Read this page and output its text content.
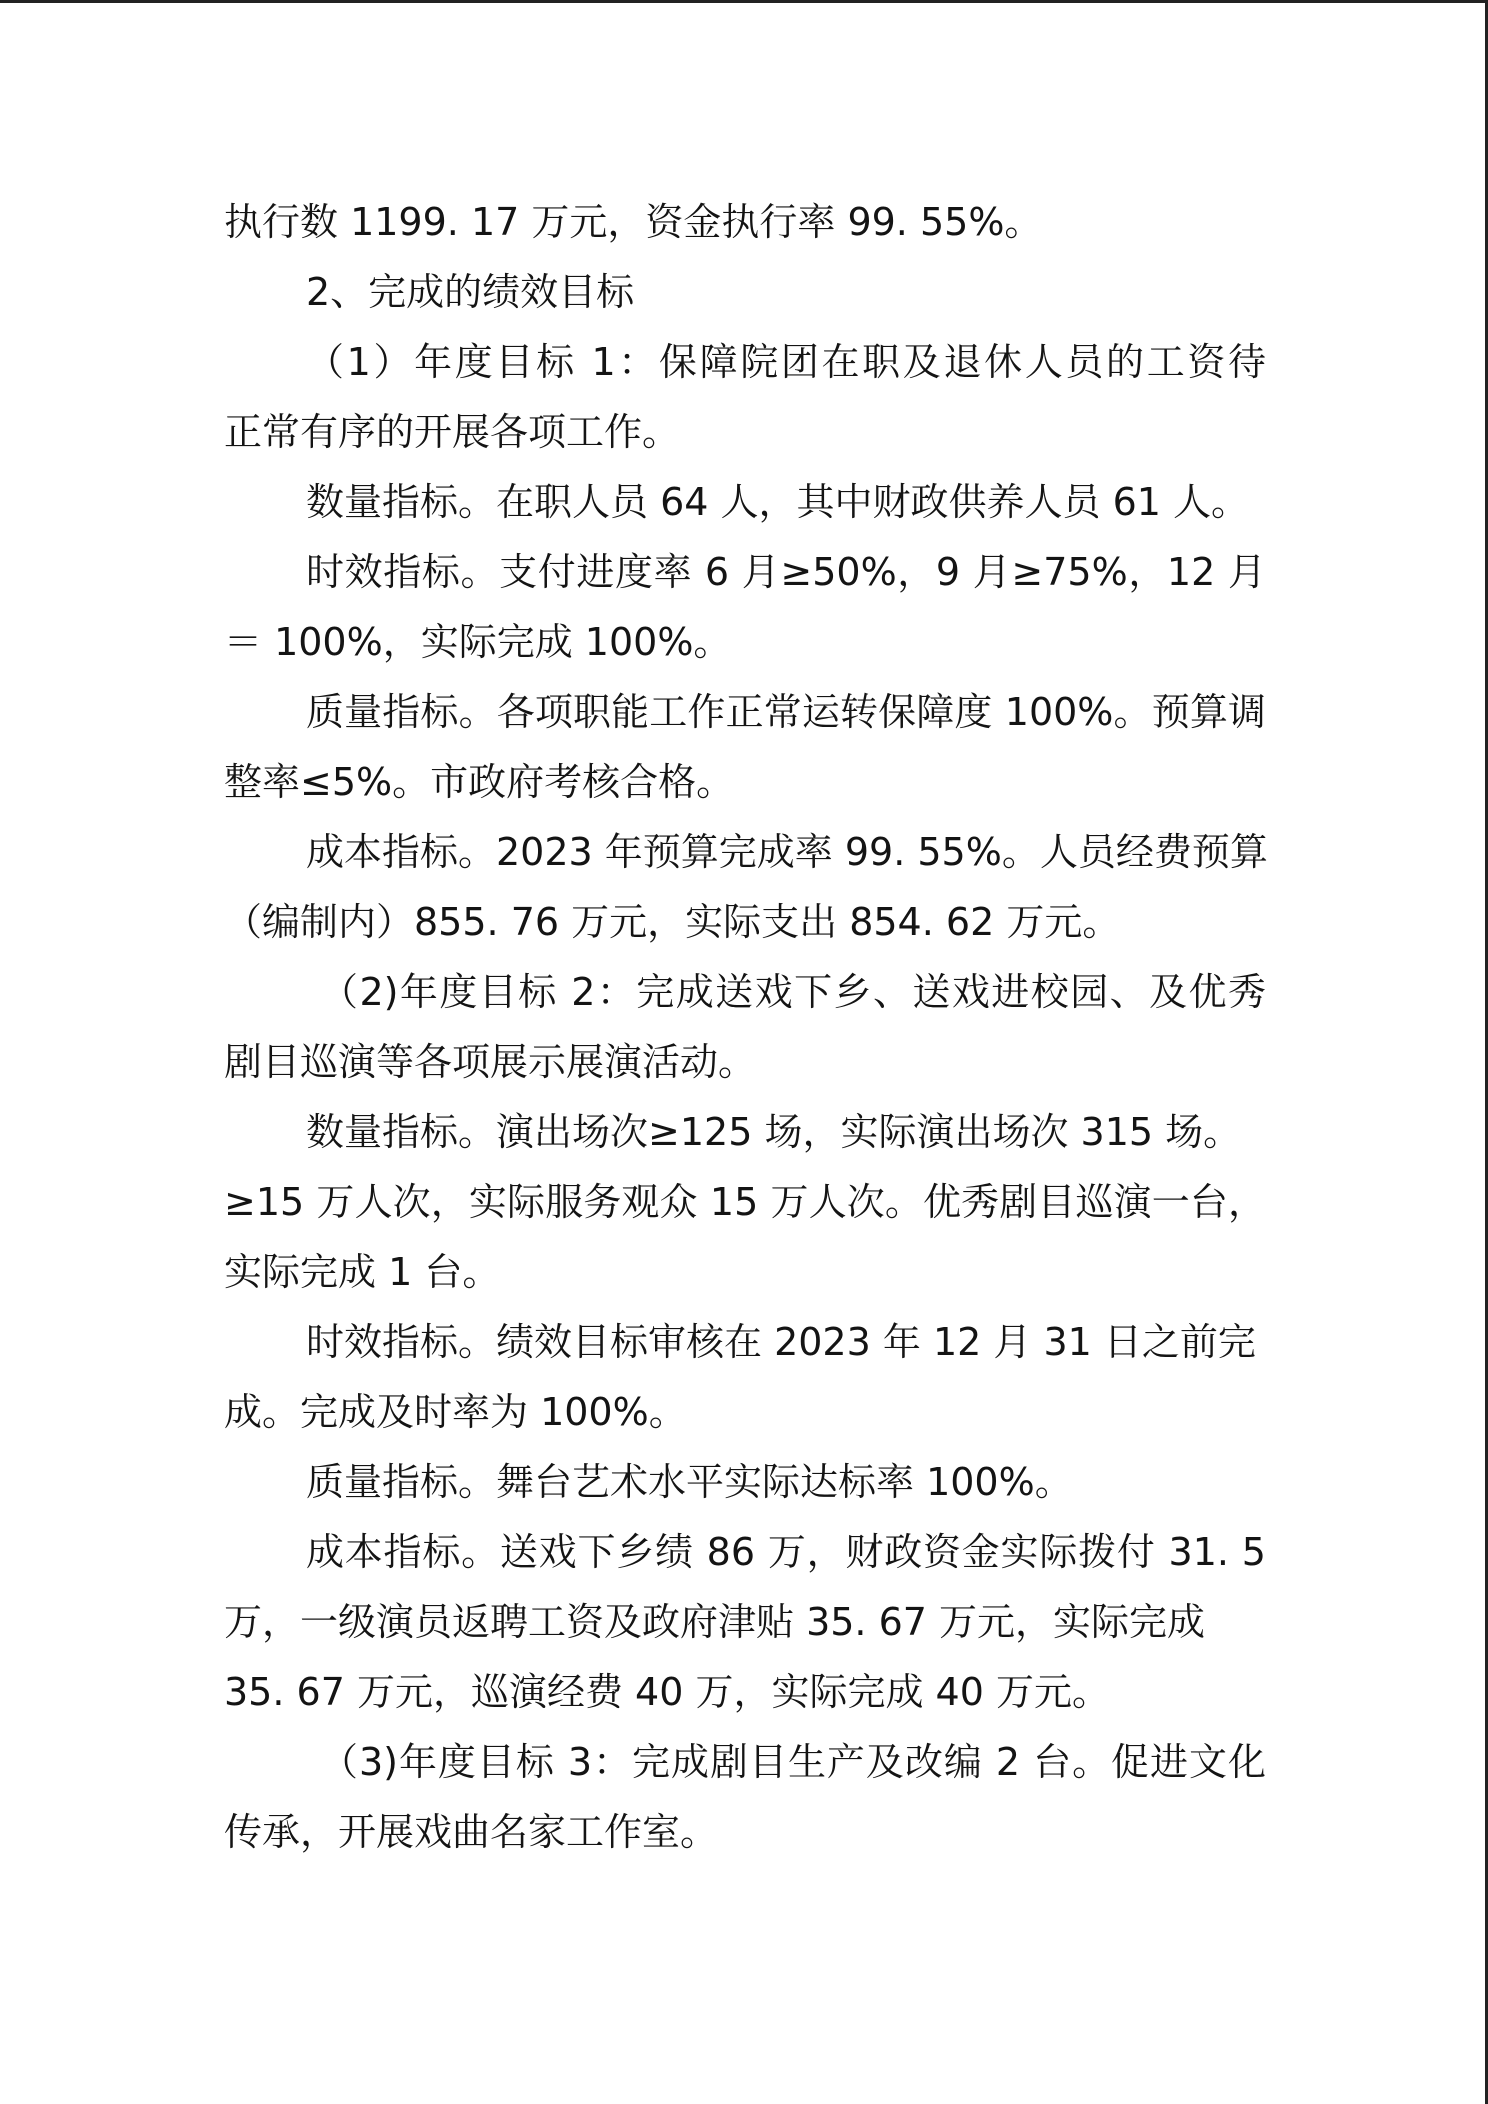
执行数 1199. 17 万元，资金执行率 99. 55%。
2、完成的绩效目标
（1）年度目标 1：保障院团在职及退休人员的工资待
正常有序的开展各项工作。
数量指标。在职人员 64 人，其中财政供养人员 61 人。
时效指标。支付进度率 6 月≥50%，9 月≥75%，12 月
＝ 100%，实际完成 100%。
质量指标。各项职能工作正常运转保障度 100%。预算调
整率≤5%。市政府考核合格。
成本指标。2023 年预算完成率 99. 55%。人员经费预算
（编制内）855. 76 万元，实际支出 854. 62 万元。
（2)年度目标 2：完成送戏下乡、送戏进校园、及优秀
剧目巡演等各项展示展演活动。
数量指标。演出场次≥125 场，实际演出场次 315 场。
≥15 万人次，实际服务观众 15 万人次。优秀剧目巡演一台，
实际完成 1 台。
时效指标。绩效目标审核在 2023 年 12 月 31 日之前完
成。完成及时率为 100%。
质量指标。舞台艺术水平实际达标率 100%。
成本指标。送戏下乡绩 86 万，财政资金实际拨付 31. 5
万，一级演员返聘工资及政府津贴 35. 67 万元，实际完成
35. 67 万元，巡演经费 40 万，实际完成 40 万元。
（3)年度目标 3：完成剧目生产及改编 2 台。促进文化
传承，开展戏曲名家工作室。
